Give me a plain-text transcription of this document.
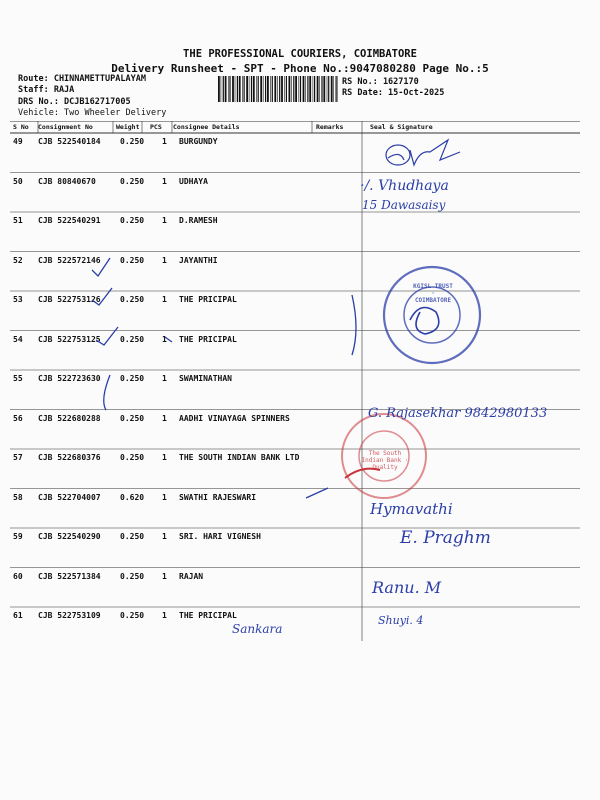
THE PROFESSIONAL COURIERS, COIMBATORE
Delivery Runsheet - SPT - Phone No.:9047080280 Page No.:5
Route: CHINNAMETTUPALAYAM
Staff: RAJA
DRS No.: DCJB162717005
Vehicle: Two Wheeler Delivery
RS No.: 1627170
RS Date: 15-Oct-2025
S No Consignment No	Weight PCS Consignee Details	Remarks	Seal & Signature
49 CJB 522540184 0.250 1 BURGUNDY
50 CJB 80840670	0.250 1 UDHAYA
51 CJB 522540291 0.250 1 D.RAMESH
52 CJB 522572146 0.250 1 JAYANTHI
53 CJB 522753126 0.250 1 THE PRICIPAL
54 CJB 522753125 0.250 1 THE PRICIPAL
55 CJB 522723630 0.250 1 SWAMINATHAN
56 CJB 522680288 0.250 1 AADHI VINAYAGA SPINNERS
57 CJB 522680376 0.250 1 THE SOUTH INDIAN BANK LTD
58 CJB 522704007 0.620 1 SWATHI RAJESWARI
59 CJB 522540290 0.250 1 SRI. HARI VIGNESH
60 CJB 522571384 0.250 1 RAJAN
61 CJB 522753109 0.250 1 THE PRICIPAL
·/. Vhudhaya
15 Dawasaisy
G. Rajasekhar 9842980133
Hymavathi
E. Praghm
Ranu. M
Shuyi. 4
Sankara
KGISL TRUST · COIMBATORE
The South Indian Bank · Quality
